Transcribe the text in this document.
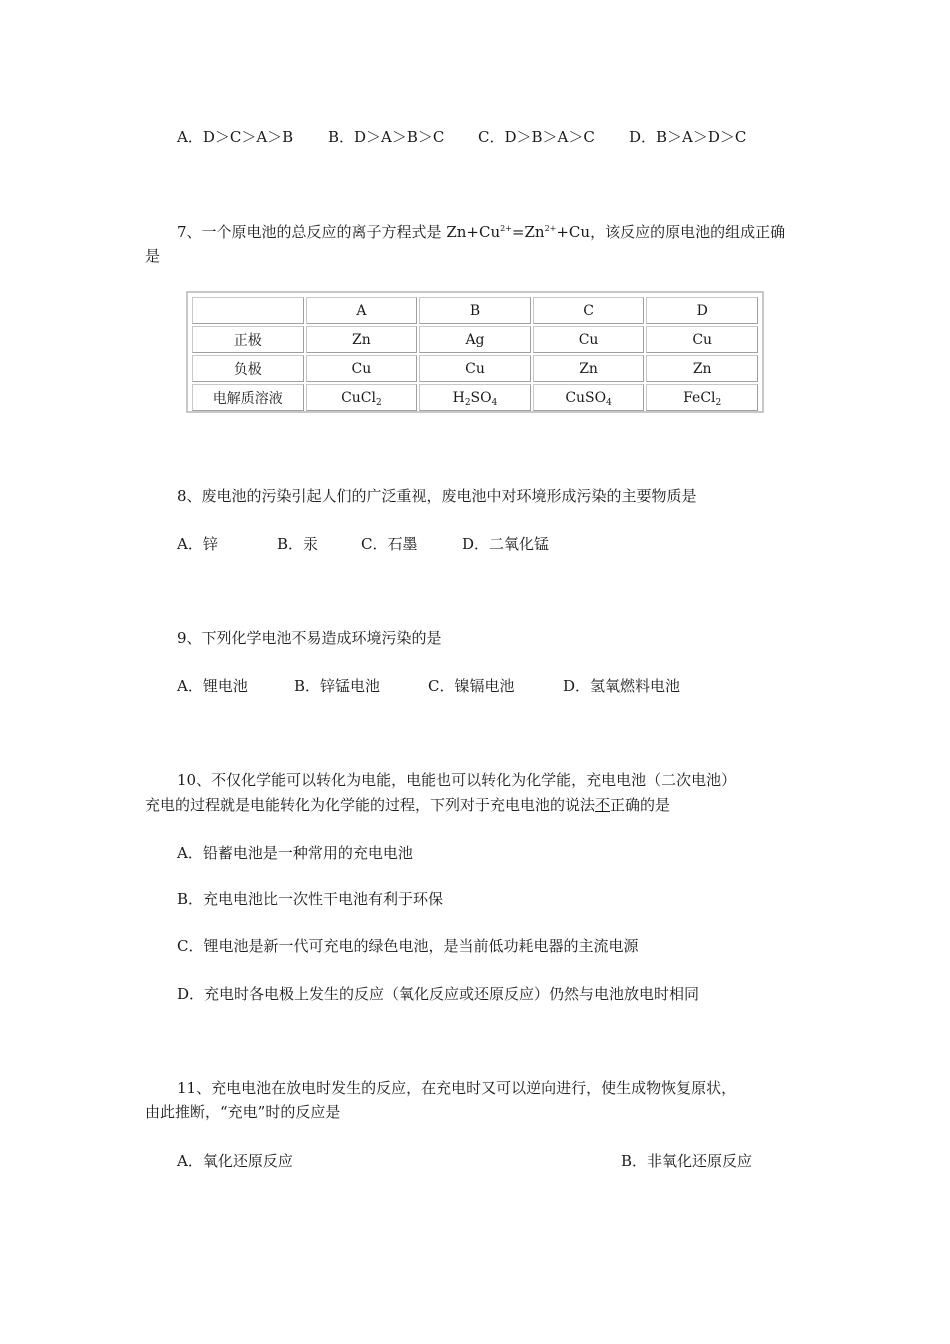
A．D＞C＞A＞B B．D＞A＞B＞C C．D＞B＞A＞C D．B＞A＞D＞C
7、一个原电池的总反应的离子方程式是 $Zn+Cu^{2+}=Zn^{2+}+Cu$，该反应的原电池的组成正确
是
	A	B	C	D
正极	Zn	Ag	Cu	Cu
负极	Cu	Cu	Zn	Zn
电解质溶液	CuCl$_2$	$H_2SO_4$	CuSO$_4$	FeCl$_2$
8、废电池的污染引起人们的广泛重视，废电池中对环境形成污染的主要物质是
A．锌	B．汞	C．石墨	D．二氧化锰
9、下列化学电池不易造成环境污染的是
A．锂电池	B．锌锰电池	C．镍镉电池	D．氢氧燃料电池
10、不仅化学能可以转化为电能，电能也可以转化为化学能，充电电池（二次电池）
充电的过程就是电能转化为化学能的过程，下列对于充电电池的说法不正确的是
A．铅蓄电池是一种常用的充电电池
B．充电电池比一次性干电池有利于环保
C．锂电池是新一代可充电的绿色电池，是当前低功耗电器的主流电源
D．充电时各电极上发生的反应（氧化反应或还原反应）仍然与电池放电时相同
11、充电电池在放电时发生的反应，在充电时又可以逆向进行，使生成物恢复原状，
由此推断，“充电”时的反应是
A．氧化还原反应	B．非氧化还原反应
